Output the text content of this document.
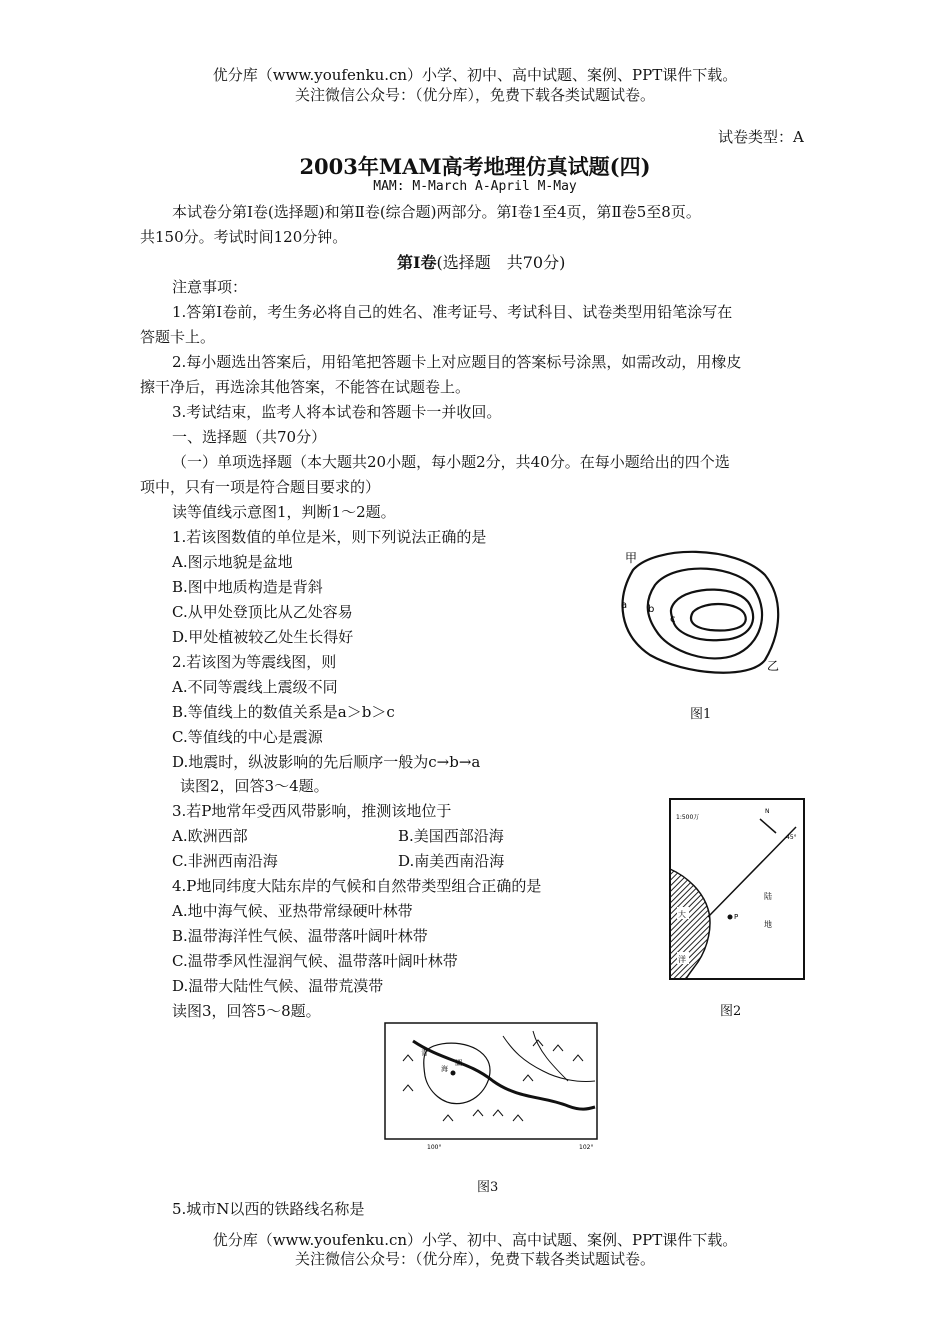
优分库（www.youfenku.cn）小学、初中、高中试题、案例、PPT课件下载。
关注微信公众号：（优分库），免费下载各类试题试卷。
试卷类型：A
2003年MAM高考地理仿真试题(四)
MAM: M-March A-April M-May
本试卷分第Ⅰ卷(选择题)和第Ⅱ卷(综合题)两部分。第Ⅰ卷1至4页，第Ⅱ卷5至8页。
共150分。考试时间120分钟。
第Ⅰ卷(选择题　共70分)
注意事项：
1.答第Ⅰ卷前，考生务必将自己的姓名、准考证号、考试科目、试卷类型用铅笔涂写在
答题卡上。
2.每小题选出答案后，用铅笔把答题卡上对应题目的答案标号涂黑，如需改动，用橡皮
擦干净后，再选涂其他答案，不能答在试题卷上。
3.考试结束，监考人将本试卷和答题卡一并收回。
一、选择题（共70分）
（一）单项选择题（本大题共20小题，每小题2分，共40分。在每小题给出的四个选
项中，只有一项是符合题目要求的）
读等值线示意图1，判断1～2题。
1.若该图数值的单位是米，则下列说法正确的是
A.图示地貌是盆地
B.图中地质构造是背斜
C.从甲处登顶比从乙处容易
D.甲处植被较乙处生长得好
2.若该图为等震线图，则
A.不同等震线上震级不同
B.等值线上的数值关系是a＞b＞c
C.等值线的中心是震源
D.地震时，纵波影响的先后顺序一般为c→b→a
读图2，回答3～4题。
3.若P地常年受西风带影响，推测该地位于
A.欧洲西部	B.美国西部沿海
C.非洲西南沿海	D.南美西南沿海
4.P地同纬度大陆东岸的气候和自然带类型组合正确的是
A.地中海气候、亚热带常绿硬叶林带
B.温带海洋性气候、温带落叶阔叶林带
C.温带季风性湿润气候、温带落叶阔叶林带
D.温带大陆性气候、温带荒漠带
读图3，回答5～8题。
甲
a b
c
乙
图1
1:500万
N
45°
P
陆
地
大
洋
图2
青
海
湖
100°	102°
图3
5.城市N以西的铁路线名称是
优分库（www.youfenku.cn）小学、初中、高中试题、案例、PPT课件下载。
关注微信公众号：（优分库），免费下载各类试题试卷。
